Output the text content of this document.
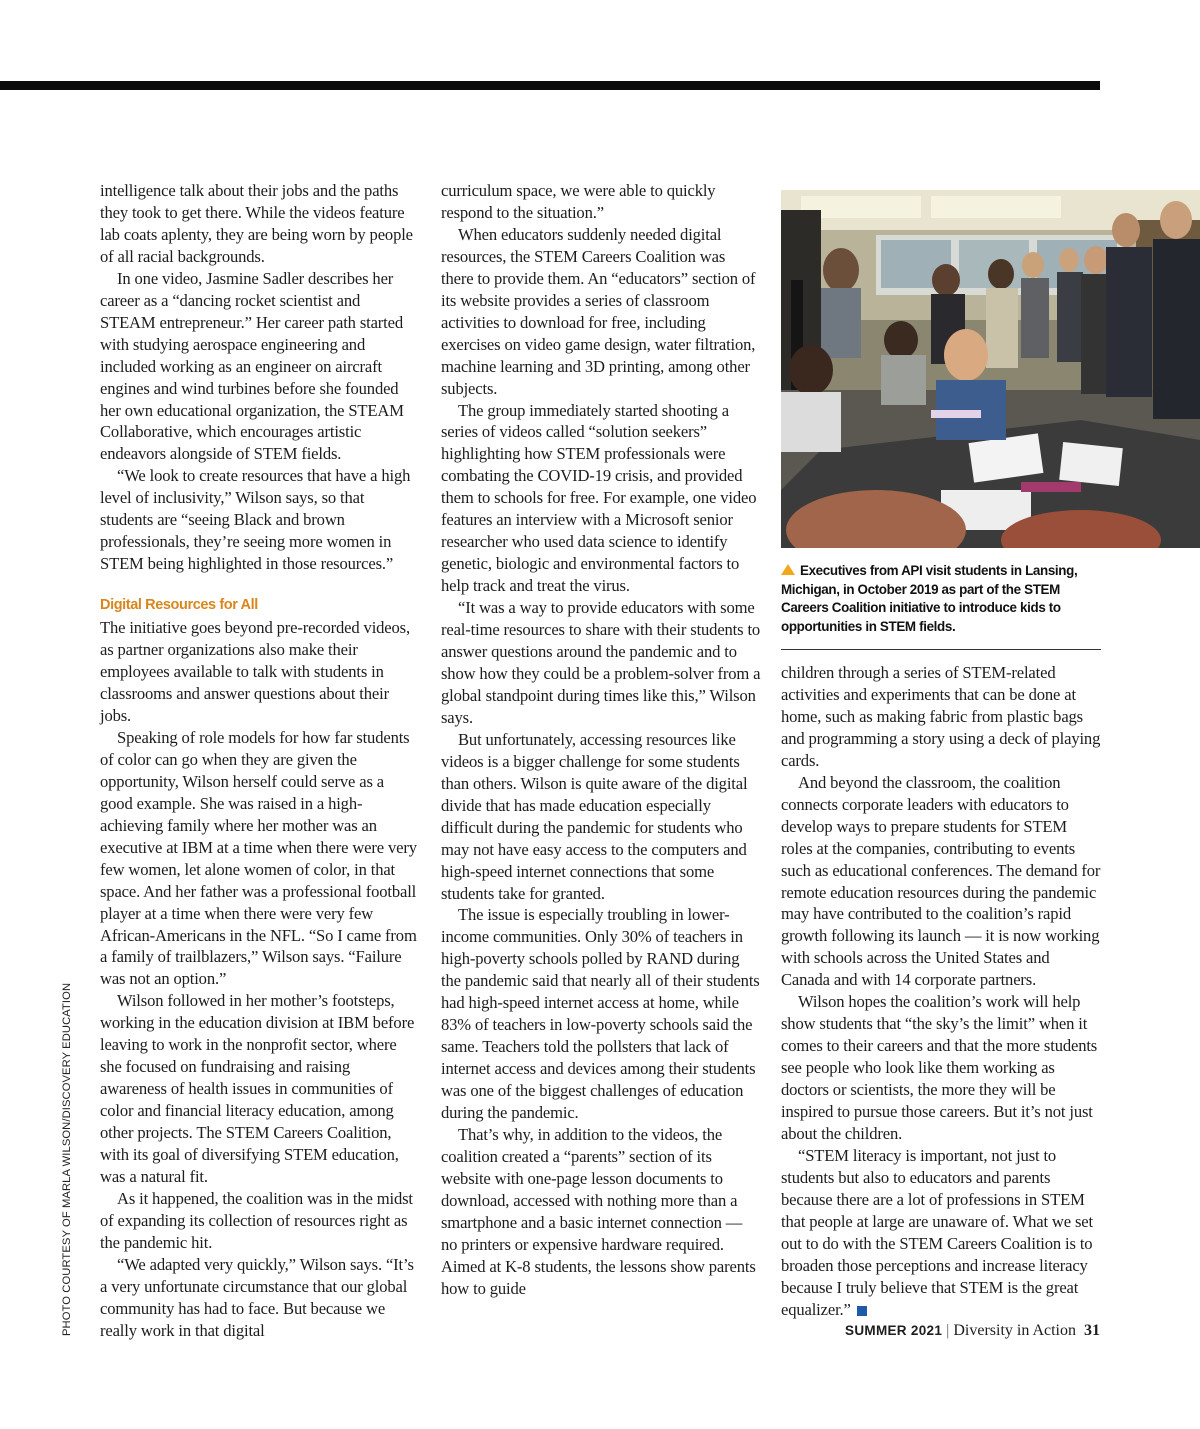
PHOTO COURTESY OF MARLA WILSON/DISCOVERY EDUCATION

intelligence talk about their jobs and the paths they took to get there. While the videos feature lab coats aplenty, they are being worn by people of all racial backgrounds.

In one video, Jasmine Sadler describes her career as a “dancing rocket scientist and STEAM entrepreneur.” Her career path started with studying aerospace engineering and included working as an engineer on aircraft engines and wind turbines before she founded her own educational organization, the STEAM Collaborative, which encourages artistic endeavors alongside of STEM fields.

“We look to create resources that have a high level of inclusivity,” Wilson says, so that students are “seeing Black and brown professionals, they’re seeing more women in STEM being highlighted in those resources.”

Digital Resources for All

The initiative goes beyond pre-recorded videos, as partner organizations also make their employees available to talk with students in classrooms and answer questions about their jobs.

Speaking of role models for how far students of color can go when they are given the opportunity, Wilson herself could serve as a good example. She was raised in a high-achieving family where her mother was an executive at IBM at a time when there were very few women, let alone women of color, in that space. And her father was a professional football player at a time when there were very few African-Americans in the NFL. “So I came from a family of trailblazers,” Wilson says. “Failure was not an option.”

Wilson followed in her mother’s footsteps, working in the education division at IBM before leaving to work in the nonprofit sector, where she focused on fundraising and raising awareness of health issues in communities of color and financial literacy education, among other projects. The STEM Careers Coalition, with its goal of diversifying STEM education, was a natural fit.

As it happened, the coalition was in the midst of expanding its collection of resources right as the pandemic hit.

“We adapted very quickly,” Wilson says. “It’s a very unfortunate circumstance that our global community has had to face. But because we really work in that digital

curriculum space, we were able to quickly respond to the situation.”

When educators suddenly needed digital resources, the STEM Careers Coalition was there to provide them. An “educators” section of its website provides a series of classroom activities to download for free, including exercises on video game design, water filtration, machine learning and 3D printing, among other subjects.

The group immediately started shooting a series of videos called “solution seekers” highlighting how STEM professionals were combating the COVID-19 crisis, and provided them to schools for free. For example, one video features an interview with a Microsoft senior researcher who used data science to identify genetic, biologic and environmental factors to help track and treat the virus.

“It was a way to provide educators with some real-time resources to share with their students to answer questions around the pandemic and to show how they could be a problem-solver from a global standpoint during times like this,” Wilson says.

But unfortunately, accessing resources like videos is a bigger challenge for some students than others. Wilson is quite aware of the digital divide that has made education especially difficult during the pandemic for students who may not have easy access to the computers and high-speed internet connections that some students take for granted.

The issue is especially troubling in lower-income communities. Only 30% of teachers in high-poverty schools polled by RAND during the pandemic said that nearly all of their students had high-speed internet access at home, while 83% of teachers in low-poverty schools said the same. Teachers told the pollsters that lack of internet access and devices among their students was one of the biggest challenges of education during the pandemic.

That’s why, in addition to the videos, the coalition created a “parents” section of its website with one-page lesson documents to download, accessed with nothing more than a smartphone and a basic internet connection — no printers or expensive hardware required. Aimed at K-8 students, the lessons show parents how to guide

Executives from API visit students in Lansing, Michigan, in October 2019 as part of the STEM Careers Coalition initiative to introduce kids to opportunities in STEM fields.

children through a series of STEM-related activities and experiments that can be done at home, such as making fabric from plastic bags and programming a story using a deck of playing cards.

And beyond the classroom, the coalition connects corporate leaders with educators to develop ways to prepare students for STEM roles at the companies, contributing to events such as educational conferences. The demand for remote education resources during the pandemic may have contributed to the coalition’s rapid growth following its launch — it is now working with schools across the United States and Canada and with 14 corporate partners.

Wilson hopes the coalition’s work will help show students that “the sky’s the limit” when it comes to their careers and that the more students see people who look like them working as doctors or scientists, the more they will be inspired to pursue those careers. But it’s not just about the children.

“STEM literacy is important, not just to students but also to educators and parents because there are a lot of professions in STEM that people at large are unaware of. What we set out to do with the STEM Careers Coalition is to broaden those perceptions and increase literacy because I truly believe that STEM is the great equalizer.”

SUMMER 2021 | Diversity in Action 31
